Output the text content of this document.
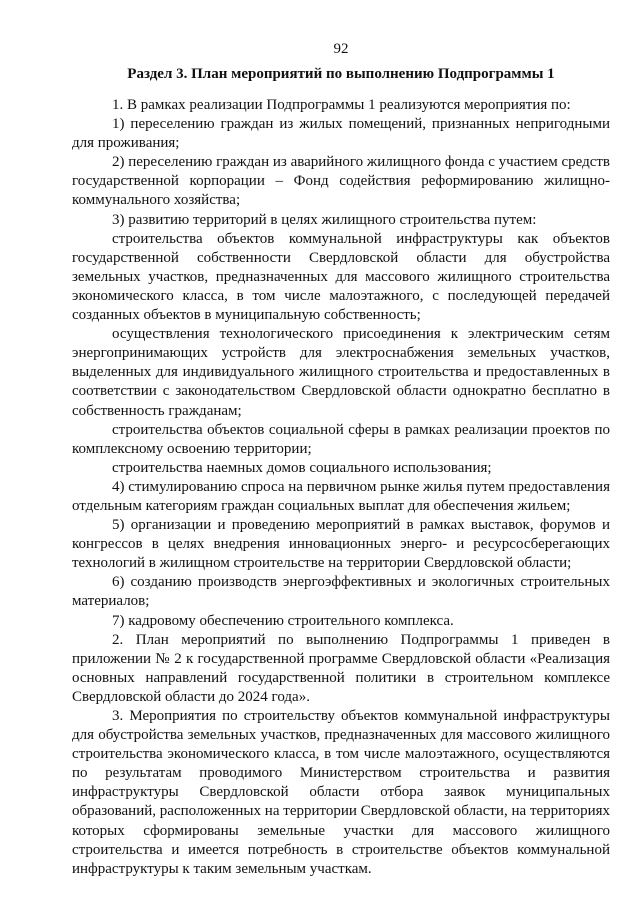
92
Раздел 3. План мероприятий по выполнению Подпрограммы 1

1. В рамках реализации Подпрограммы 1 реализуются мероприятия по:

1) переселению граждан из жилых помещений, признанных непригодными для проживания;

2) переселению граждан из аварийного жилищного фонда с участием средств государственной корпорации – Фонд содействия реформированию жилищно-коммунального хозяйства;

3) развитию территорий в целях жилищного строительства путем:

строительства объектов коммунальной инфраструктуры как объектов государственной собственности Свердловской области для обустройства земельных участков, предназначенных для массового жилищного строительства экономического класса, в том числе малоэтажного, с последующей передачей созданных объектов в муниципальную собственность;

осуществления технологического присоединения к электрическим сетям энергопринимающих устройств для электроснабжения земельных участков, выделенных для индивидуального жилищного строительства и предоставленных в соответствии с законодательством Свердловской области однократно бесплатно в собственность гражданам;

строительства объектов социальной сферы в рамках реализации проектов по комплексному освоению территории;

строительства наемных домов социального использования;

4) стимулированию спроса на первичном рынке жилья путем предоставления отдельным категориям граждан социальных выплат для обеспечения жильем;

5) организации и проведению мероприятий в рамках выставок, форумов и конгрессов в целях внедрения инновационных энерго- и ресурсосберегающих технологий в жилищном строительстве на территории Свердловской области;

6) созданию производств энергоэффективных и экологичных строительных материалов;

7) кадровому обеспечению строительного комплекса.

2. План мероприятий по выполнению Подпрограммы 1 приведен в приложении № 2 к государственной программе Свердловской области «Реализация основных направлений государственной политики в строительном комплексе Свердловской области до 2024 года».

3. Мероприятия по строительству объектов коммунальной инфраструктуры для обустройства земельных участков, предназначенных для массового жилищного строительства экономического класса, в том числе малоэтажного, осуществляются по результатам проводимого Министерством строительства и развития инфраструктуры Свердловской области отбора заявок муниципальных образований, расположенных на территории Свердловской области, на территориях которых сформированы земельные участки для массового жилищного строительства и имеется потребность в строительстве объектов коммунальной инфраструктуры к таким земельным участкам.
